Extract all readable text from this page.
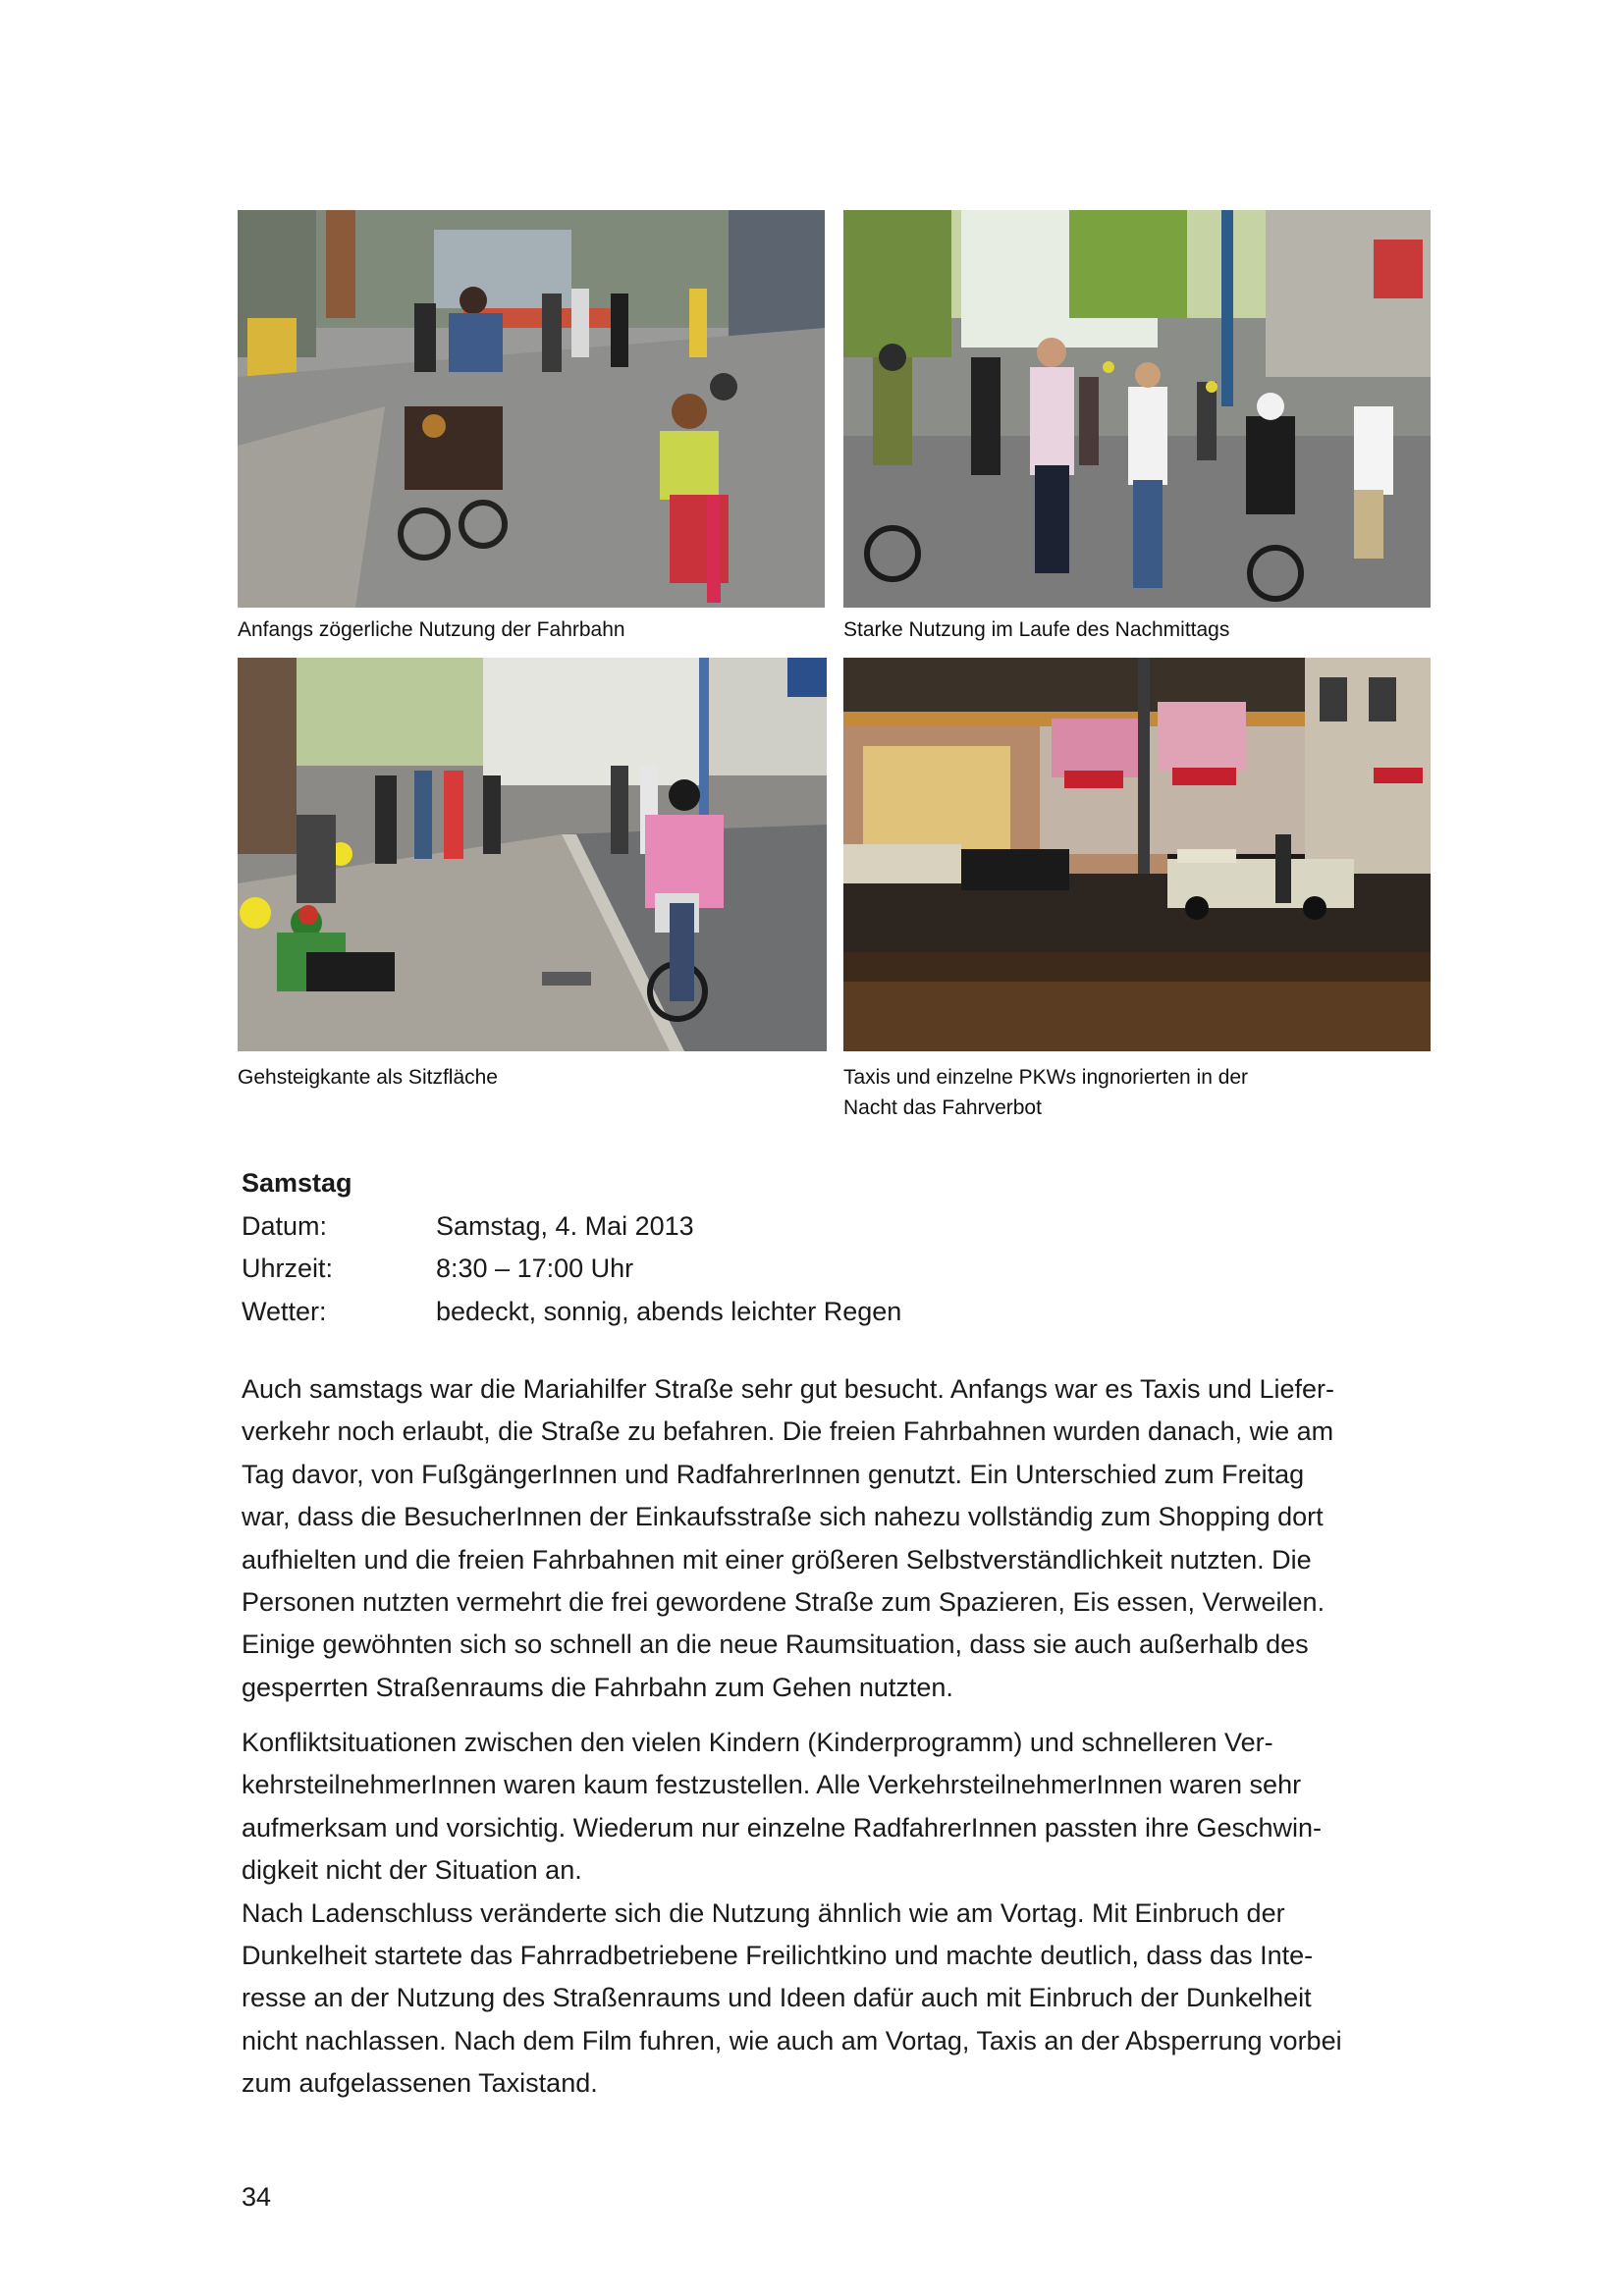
Anfangs zögerliche Nutzung der Fahrbahn	Starke Nutzung im Laufe des Nachmittags
Gehsteigkante als Sitzfläche	Taxis und einzelne PKWs ingnorierten in der
Nacht das Fahrverbot
Samstag
Datum:	Samstag, 4. Mai 2013
Uhrzeit:	8:30 – 17:00 Uhr
Wetter:	bedeckt, sonnig, abends leichter Regen
Auch samstags war die Mariahilfer Straße sehr gut besucht. Anfangs war es Taxis und Liefer-
verkehr noch erlaubt, die Straße zu befahren. Die freien Fahrbahnen wurden danach, wie am
Tag davor, von FußgängerInnen und RadfahrerInnen genutzt. Ein Unterschied zum Freitag
war, dass die BesucherInnen der Einkaufsstraße sich nahezu vollständig zum Shopping dort
aufhielten und die freien Fahrbahnen mit einer größeren Selbstverständlichkeit nutzten. Die
Personen nutzten vermehrt die frei gewordene Straße zum Spazieren, Eis essen, Verweilen.
Einige gewöhnten sich so schnell an die neue Raumsituation, dass sie auch außerhalb des
gesperrten Straßenraums die Fahrbahn zum Gehen nutzten.
Konfliktsituationen zwischen den vielen Kindern (Kinderprogramm) und schnelleren Ver-
kehrsteilnehmerInnen waren kaum festzustellen. Alle VerkehrsteilnehmerInnen waren sehr
aufmerksam und vorsichtig. Wiederum nur einzelne RadfahrerInnen passten ihre Geschwin-
digkeit nicht der Situation an.
Nach Ladenschluss veränderte sich die Nutzung ähnlich wie am Vortag. Mit Einbruch der
Dunkelheit startete das Fahrradbetriebene Freilichtkino und machte deutlich, dass das Inte-
resse an der Nutzung des Straßenraums und Ideen dafür auch mit Einbruch der Dunkelheit
nicht nachlassen. Nach dem Film fuhren, wie auch am Vortag, Taxis an der Absperrung vorbei
zum aufgelassenen Taxistand.
34
